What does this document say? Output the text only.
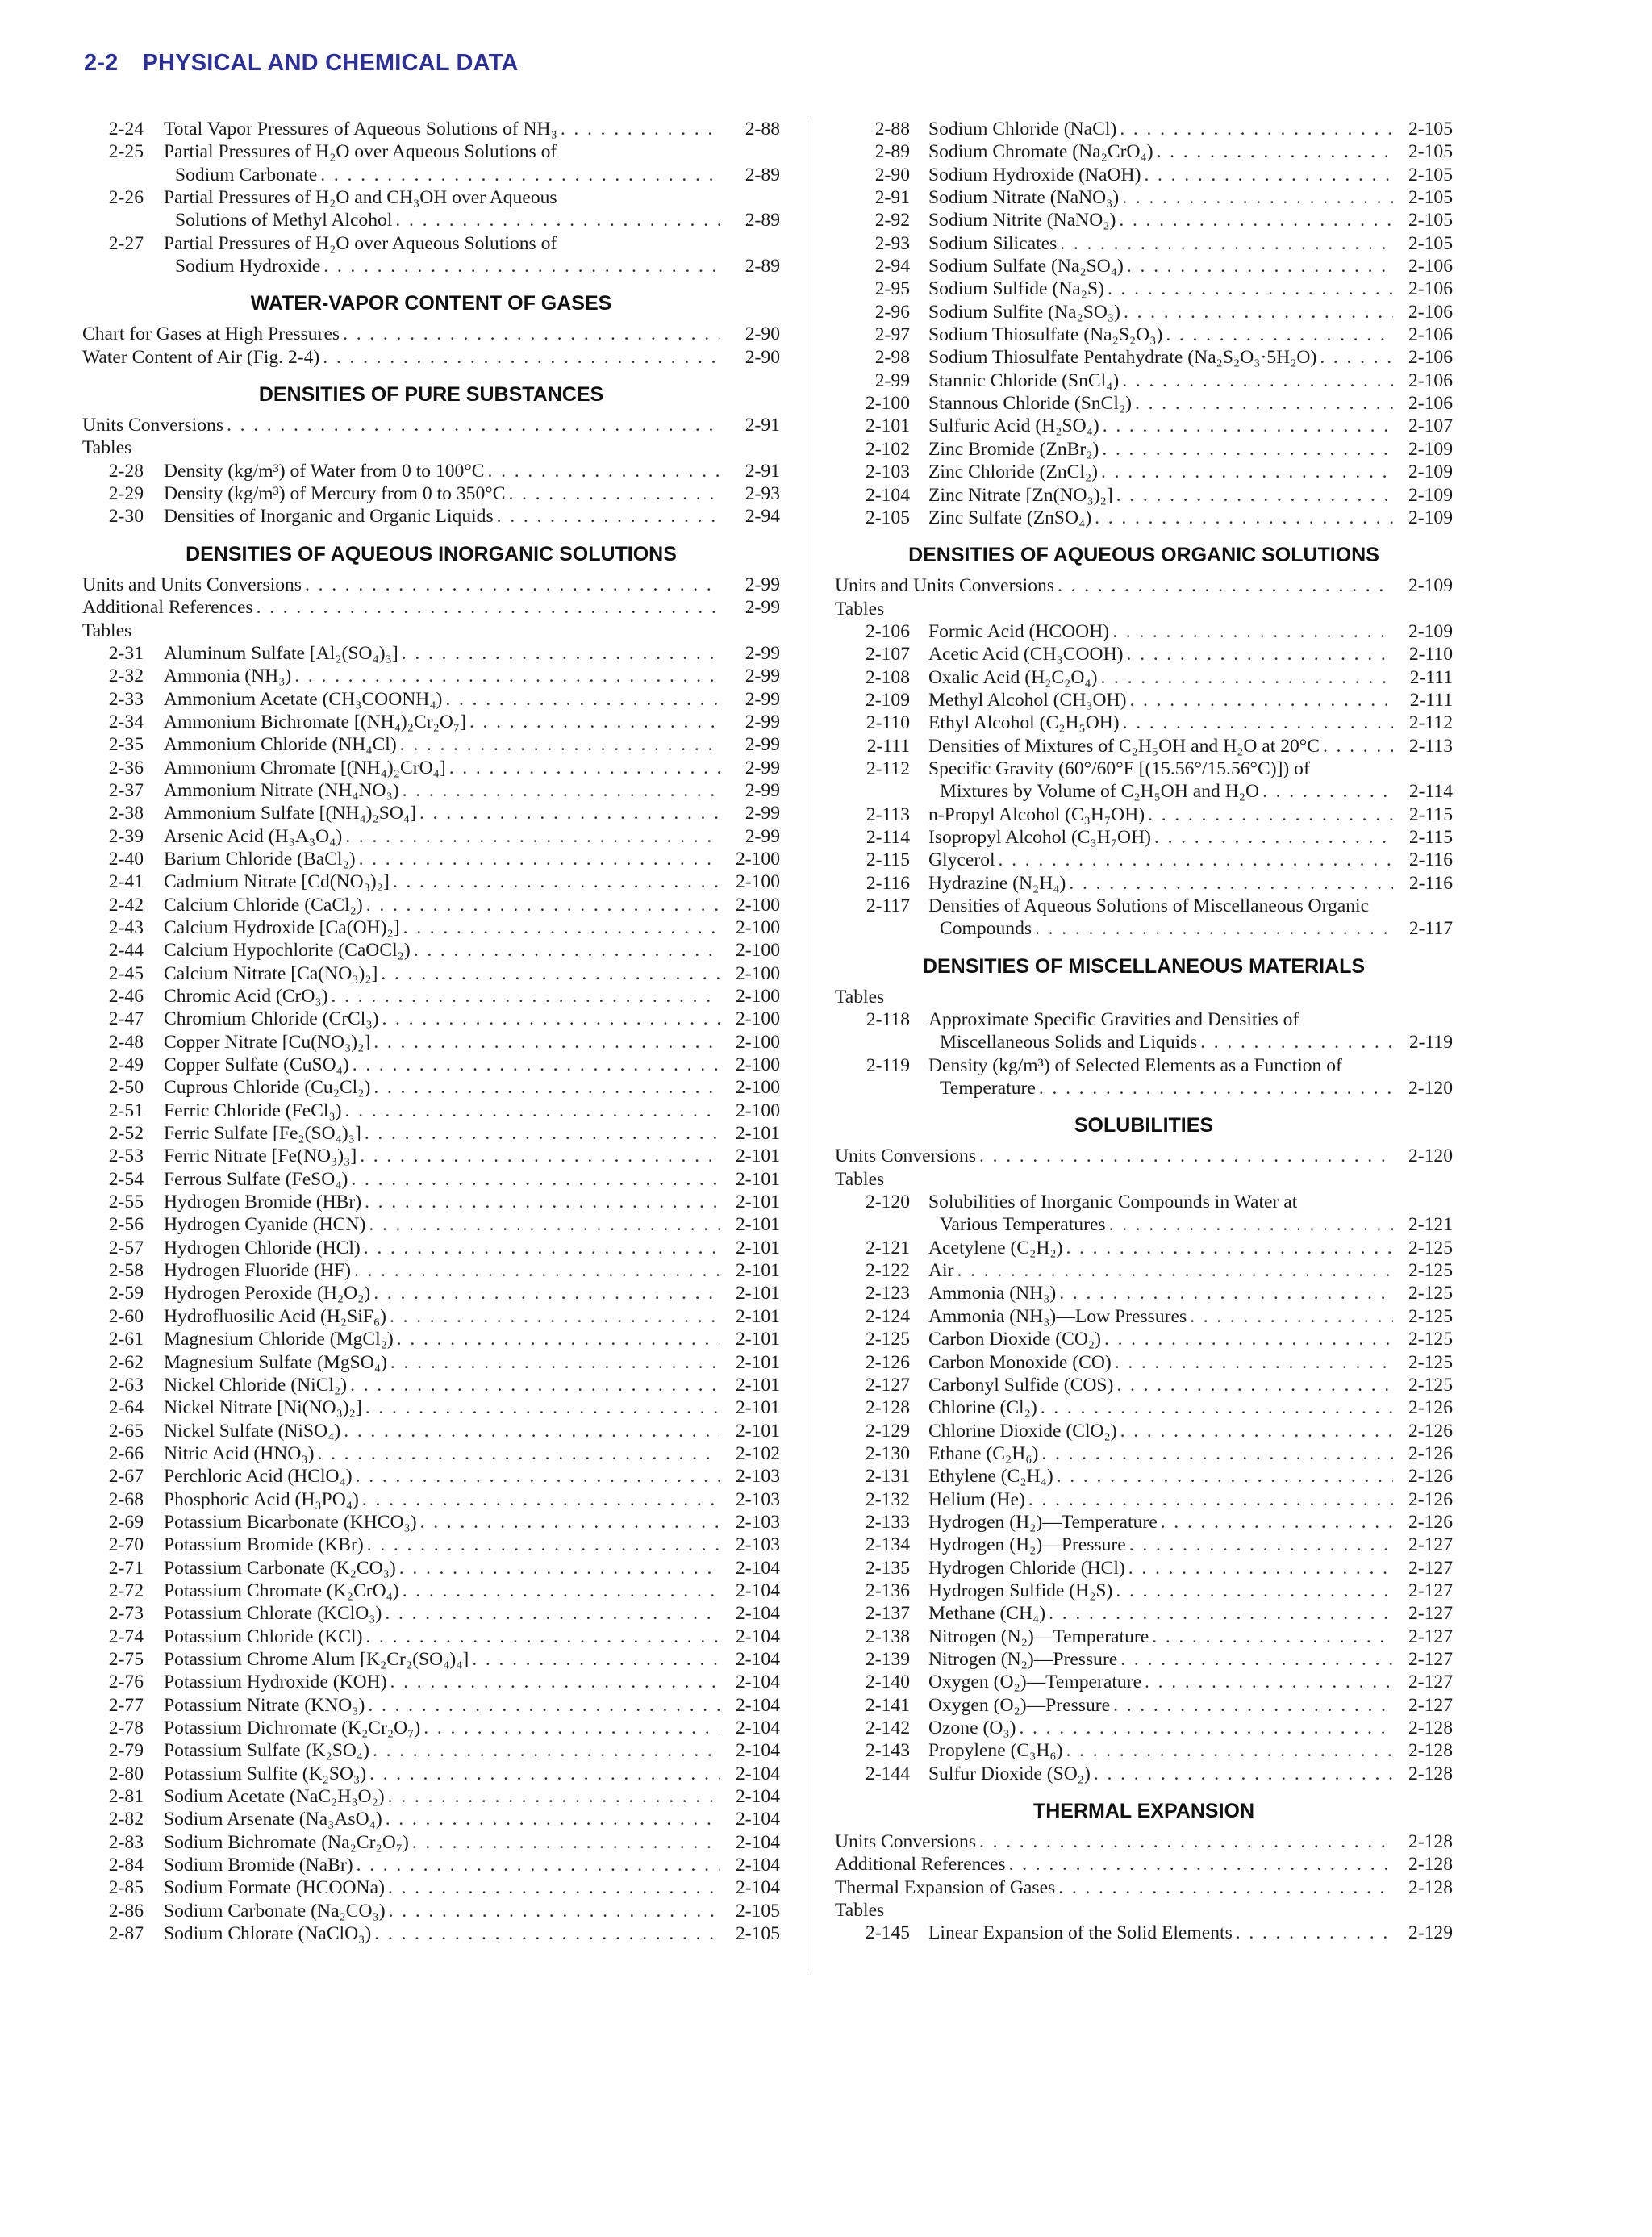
2-2 PHYSICAL AND CHEMICAL DATA
2-24 Total Vapor Pressures of Aqueous Solutions of NH₃ . . .	2-88
2-25 Partial Pressures of H₂O over Aqueous Solutions of
Sodium Carbonate . . .	2-89
2-26 Partial Pressures of H₂O and CH₃OH over Aqueous
Solutions of Methyl Alcohol . . .	2-89
2-27 Partial Pressures of H₂O over Aqueous Solutions of
Sodium Hydroxide . . .	2-89
WATER-VAPOR CONTENT OF GASES
Chart for Gases at High Pressures . . .	2-90
Water Content of Air (Fig. 2-4) . . .	2-90
DENSITIES OF PURE SUBSTANCES
Units Conversions . . .	2-91
Tables
2-28 Density (kg/m³) of Water from 0 to 100°C . . .	2-91
2-29 Density (kg/m³) of Mercury from 0 to 350°C . . .	2-93
2-30 Densities of Inorganic and Organic Liquids . . .	2-94
DENSITIES OF AQUEOUS INORGANIC SOLUTIONS
Units and Units Conversions . . .	2-99
Additional References . . .	2-99
Tables
2-31 Aluminum Sulfate [Al₂(SO₄)₃] . . .	2-99
2-32 Ammonia (NH₃) . . .	2-99
2-33 Ammonium Acetate (CH₃COONH₄) . . .	2-99
2-34 Ammonium Bichromate [(NH₄)₂Cr₂O₇] . . .	2-99
2-35 Ammonium Chloride (NH₄Cl) . . .	2-99
2-36 Ammonium Chromate [(NH₄)₂CrO₄] . . .	2-99
2-37 Ammonium Nitrate (NH₄NO₃) . . .	2-99
2-38 Ammonium Sulfate [(NH₄)₂SO₄] . . .	2-99
2-39 Arsenic Acid (H₃A₃O₄) . . .	2-99
2-40 Barium Chloride (BaCl₂) . . .	2-100
2-41 Cadmium Nitrate [Cd(NO₃)₂] . . .	2-100
2-42 Calcium Chloride (CaCl₂) . . .	2-100
2-43 Calcium Hydroxide [Ca(OH)₂] . . .	2-100
2-44 Calcium Hypochlorite (CaOCl₂) . . .	2-100
2-45 Calcium Nitrate [Ca(NO₃)₂] . . .	2-100
2-46 Chromic Acid (CrO₃) . . .	2-100
2-47 Chromium Chloride (CrCl₃) . . .	2-100
2-48 Copper Nitrate [Cu(NO₃)₂] . . .	2-100
2-49 Copper Sulfate (CuSO₄) . . .	2-100
2-50 Cuprous Chloride (Cu₂Cl₂) . . .	2-100
2-51 Ferric Chloride (FeCl₃) . . .	2-100
2-52 Ferric Sulfate [Fe₂(SO₄)₃] . . .	2-101
2-53 Ferric Nitrate [Fe(NO₃)₃] . . .	2-101
2-54 Ferrous Sulfate (FeSO₄) . . .	2-101
2-55 Hydrogen Bromide (HBr) . . .	2-101
2-56 Hydrogen Cyanide (HCN) . . .	2-101
2-57 Hydrogen Chloride (HCl) . . .	2-101
2-58 Hydrogen Fluoride (HF) . . .	2-101
2-59 Hydrogen Peroxide (H₂O₂) . . .	2-101
2-60 Hydrofluosilic Acid (H₂SiF₆) . . .	2-101
2-61 Magnesium Chloride (MgCl₂) . . .	2-101
2-62 Magnesium Sulfate (MgSO₄) . . .	2-101
2-63 Nickel Chloride (NiCl₂) . . .	2-101
2-64 Nickel Nitrate [Ni(NO₃)₂] . . .	2-101
2-65 Nickel Sulfate (NiSO₄) . . .	2-101
2-66 Nitric Acid (HNO₃) . . .	2-102
2-67 Perchloric Acid (HClO₄) . . .	2-103
2-68 Phosphoric Acid (H₃PO₄) . . .	2-103
2-69 Potassium Bicarbonate (KHCO₃) . . .	2-103
2-70 Potassium Bromide (KBr) . . .	2-103
2-71 Potassium Carbonate (K₂CO₃) . . .	2-104
2-72 Potassium Chromate (K₂CrO₄) . . .	2-104
2-73 Potassium Chlorate (KClO₃) . . .	2-104
2-74 Potassium Chloride (KCl) . . .	2-104
2-75 Potassium Chrome Alum [K₂Cr₂(SO₄)₄] . . .	2-104
2-76 Potassium Hydroxide (KOH) . . .	2-104
2-77 Potassium Nitrate (KNO₃) . . .	2-104
2-78 Potassium Dichromate (K₂Cr₂O₇) . . .	2-104
2-79 Potassium Sulfate (K₂SO₄) . . .	2-104
2-80 Potassium Sulfite (K₂SO₃) . . .	2-104
2-81 Sodium Acetate (NaC₂H₃O₂) . . .	2-104
2-82 Sodium Arsenate (Na₃AsO₄) . . .	2-104
2-83 Sodium Bichromate (Na₂Cr₂O₇) . . .	2-104
2-84 Sodium Bromide (NaBr) . . .	2-104
2-85 Sodium Formate (HCOONa) . . .	2-104
2-86 Sodium Carbonate (Na₂CO₃) . . .	2-105
2-87 Sodium Chlorate (NaClO₃) . . .	2-105
2-88 Sodium Chloride (NaCl) . . .	2-105
2-89 Sodium Chromate (Na₂CrO₄) . . .	2-105
2-90 Sodium Hydroxide (NaOH) . . .	2-105
2-91 Sodium Nitrate (NaNO₃) . . .	2-105
2-92 Sodium Nitrite (NaNO₂) . . .	2-105
2-93 Sodium Silicates . . .	2-105
2-94 Sodium Sulfate (Na₂SO₄) . . .	2-106
2-95 Sodium Sulfide (Na₂S) . . .	2-106
2-96 Sodium Sulfite (Na₂SO₃) . . .	2-106
2-97 Sodium Thiosulfate (Na₂S₂O₃) . . .	2-106
2-98 Sodium Thiosulfate Pentahydrate (Na₂S₂O₃·5H₂O) . . .	2-106
2-99 Stannic Chloride (SnCl₄) . . .	2-106
2-100 Stannous Chloride (SnCl₂) . . .	2-106
2-101 Sulfuric Acid (H₂SO₄) . . .	2-107
2-102 Zinc Bromide (ZnBr₂) . . .	2-109
2-103 Zinc Chloride (ZnCl₂) . . .	2-109
2-104 Zinc Nitrate [Zn(NO₃)₂] . . .	2-109
2-105 Zinc Sulfate (ZnSO₄) . . .	2-109
DENSITIES OF AQUEOUS ORGANIC SOLUTIONS
Units and Units Conversions . . .	2-109
Tables
2-106 Formic Acid (HCOOH) . . .	2-109
2-107 Acetic Acid (CH₃COOH) . . .	2-110
2-108 Oxalic Acid (H₂C₂O₄) . . .	2-111
2-109 Methyl Alcohol (CH₃OH) . . .	2-111
2-110 Ethyl Alcohol (C₂H₅OH) . . .	2-112
2-111 Densities of Mixtures of C₂H₅OH and H₂O at 20°C . . .	2-113
2-112 Specific Gravity (60°/60°F [(15.56°/15.56°C)]) of
Mixtures by Volume of C₂H₅OH and H₂O . . .	2-114
2-113 n-Propyl Alcohol (C₃H₇OH) . . .	2-115
2-114 Isopropyl Alcohol (C₃H₇OH) . . .	2-115
2-115 Glycerol . . .	2-116
2-116 Hydrazine (N₂H₄) . . .	2-116
2-117 Densities of Aqueous Solutions of Miscellaneous Organic
Compounds . . .	2-117
DENSITIES OF MISCELLANEOUS MATERIALS
Tables
2-118 Approximate Specific Gravities and Densities of
Miscellaneous Solids and Liquids . . .	2-119
2-119 Density (kg/m³) of Selected Elements as a Function of
Temperature . . .	2-120
SOLUBILITIES
Units Conversions . . .	2-120
Tables
2-120 Solubilities of Inorganic Compounds in Water at
Various Temperatures . . .	2-121
2-121 Acetylene (C₂H₂) . . .	2-125
2-122 Air . . .	2-125
2-123 Ammonia (NH₃) . . .	2-125
2-124 Ammonia (NH₃)—Low Pressures . . .	2-125
2-125 Carbon Dioxide (CO₂) . . .	2-125
2-126 Carbon Monoxide (CO) . . .	2-125
2-127 Carbonyl Sulfide (COS) . . .	2-125
2-128 Chlorine (Cl₂) . . .	2-126
2-129 Chlorine Dioxide (ClO₂) . . .	2-126
2-130 Ethane (C₂H₆) . . .	2-126
2-131 Ethylene (C₂H₄) . . .	2-126
2-132 Helium (He) . . .	2-126
2-133 Hydrogen (H₂)—Temperature . . .	2-126
2-134 Hydrogen (H₂)—Pressure . . .	2-127
2-135 Hydrogen Chloride (HCl) . . .	2-127
2-136 Hydrogen Sulfide (H₂S) . . .	2-127
2-137 Methane (CH₄) . . .	2-127
2-138 Nitrogen (N₂)—Temperature . . .	2-127
2-139 Nitrogen (N₂)—Pressure . . .	2-127
2-140 Oxygen (O₂)—Temperature . . .	2-127
2-141 Oxygen (O₂)—Pressure . . .	2-127
2-142 Ozone (O₃) . . .	2-128
2-143 Propylene (C₃H₆) . . .	2-128
2-144 Sulfur Dioxide (SO₂) . . .	2-128
THERMAL EXPANSION
Units Conversions . . .	2-128
Additional References . . .	2-128
Thermal Expansion of Gases . . .	2-128
Tables
2-145 Linear Expansion of the Solid Elements . . .	2-129
